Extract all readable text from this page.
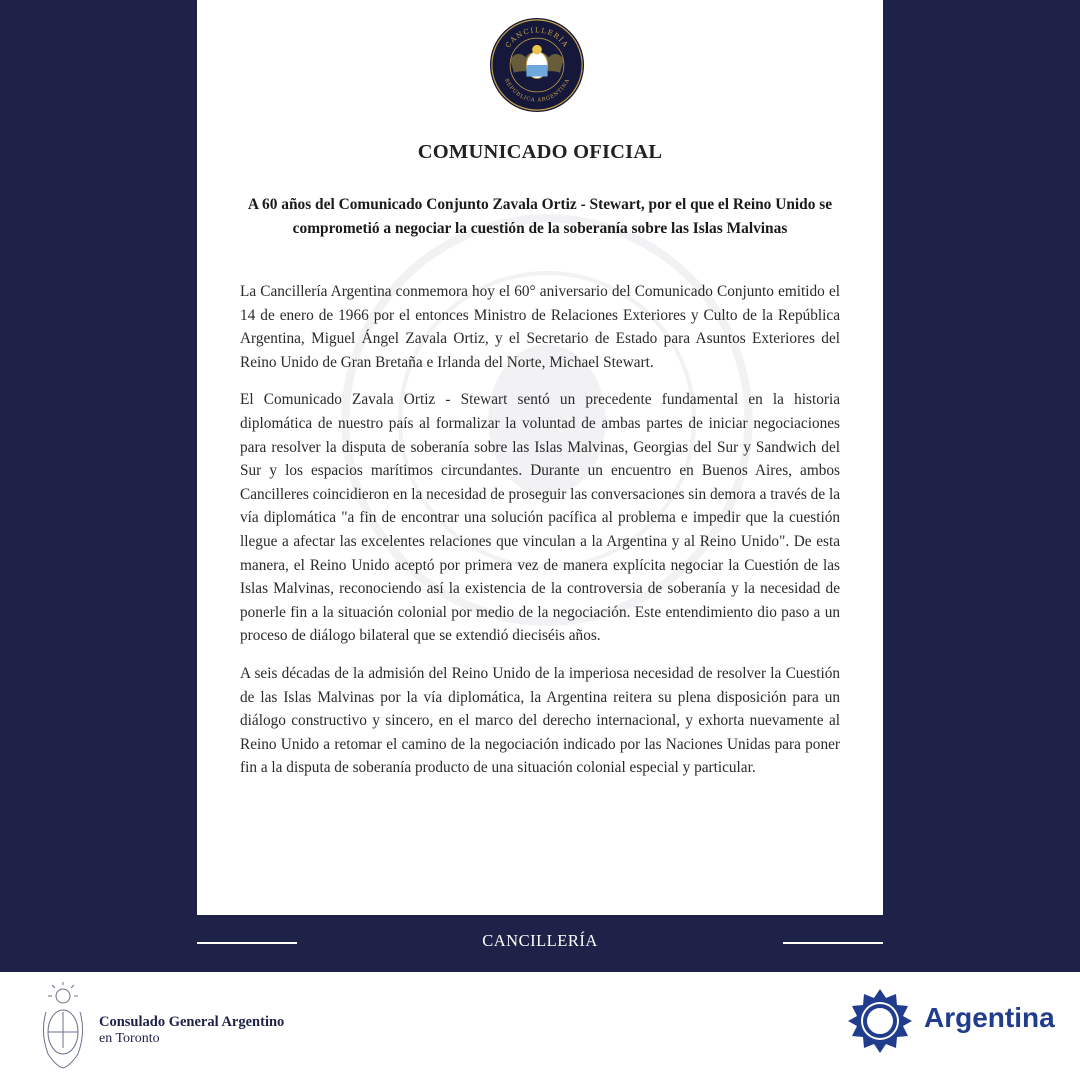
CANCILLERÍA
REPÚBLICA ARGENTINA
COMUNICADO OFICIAL
A 60 años del Comunicado Conjunto Zavala Ortiz - Stewart, por el que el Reino Unido se comprometió a negociar la cuestión de la soberanía sobre las Islas Malvinas

La Cancillería Argentina conmemora hoy el 60° aniversario del Comunicado Conjunto emitido el 14 de enero de 1966 por el entonces Ministro de Relaciones Exteriores y Culto de la República Argentina, Miguel Ángel Zavala Ortiz, y el Secretario de Estado para Asuntos Exteriores del Reino Unido de Gran Bretaña e Irlanda del Norte, Michael Stewart.

El Comunicado Zavala Ortiz - Stewart sentó un precedente fundamental en la historia diplomática de nuestro país al formalizar la voluntad de ambas partes de iniciar negociaciones para resolver la disputa de soberanía sobre las Islas Malvinas, Georgias del Sur y Sandwich del Sur y los espacios marítimos circundantes. Durante un encuentro en Buenos Aires, ambos Cancilleres coincidieron en la necesidad de proseguir las conversaciones sin demora a través de la vía diplomática "a fin de encontrar una solución pacífica al problema e impedir que la cuestión llegue a afectar las excelentes relaciones que vinculan a la Argentina y al Reino Unido". De esta manera, el Reino Unido aceptó por primera vez de manera explícita negociar la Cuestión de las Islas Malvinas, reconociendo así la existencia de la controversia de soberanía y la necesidad de ponerle fin a la situación colonial por medio de la negociación. Este entendimiento dio paso a un proceso de diálogo bilateral que se extendió dieciséis años.

A seis décadas de la admisión del Reino Unido de la imperiosa necesidad de resolver la Cuestión de las Islas Malvinas por la vía diplomática, la Argentina reitera su plena disposición para un diálogo constructivo y sincero, en el marco del derecho internacional, y exhorta nuevamente al Reino Unido a retomar el camino de la negociación indicado por las Naciones Unidas para poner fin a la disputa de soberanía producto de una situación colonial especial y particular.

CANCILLERÍA
Consulado General Argentino
en Toronto
Argentina
